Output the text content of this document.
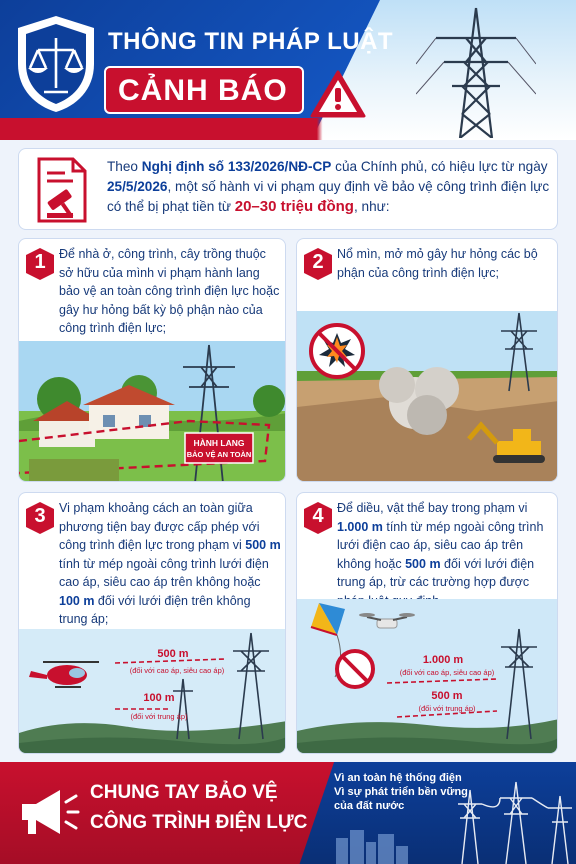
THÔNG TIN PHÁP LUẬT
CẢNH BÁO
Theo Nghị định số 133/2026/NĐ-CP của Chính phủ, có hiệu lực từ ngày 25/5/2026, một số hành vi vi phạm quy định về bảo vệ công trình điện lực có thể bị phạt tiền từ 20–30 triệu đồng, như:
1	Để nhà ở, công trình, cây trồng thuộc sở hữu của mình vi phạm hành lang bảo vệ an toàn công trình điện lực hoặc gây hư hỏng bất kỳ bộ phận nào của công trình điện lực;
HÀNH LANG
BẢO VỆ AN TOÀN
2	Nổ mìn, mở mỏ gây hư hỏng các bộ phận của công trình điện lực;
3	Vi phạm khoảng cách an toàn giữa phương tiện bay được cấp phép với công trình điện lực trong phạm vi 500 m tính từ mép ngoài công trình lưới điện cao áp, siêu cao áp trên không hoặc 100 m đối với lưới điện trên không trung áp;
500 m
(đối với cao áp, siêu cao áp)
100 m
(đối với trung áp)
4	Để diều, vật thể bay trong phạm vi 1.000 m tính từ mép ngoài công trình lưới điện cao áp, siêu cao áp trên không hoặc 500 m đối với lưới điện trung áp, trừ các trường hợp được
1.000 m
(đối với cao áp, siêu cao áp)
500 m
(đối với trung áp)
CHUNG TAY BẢO VỆ
CÔNG TRÌNH ĐIỆN LỰC
Vì an toàn hệ thống điện
Vì sự phát triển bền vững
của đất nước
